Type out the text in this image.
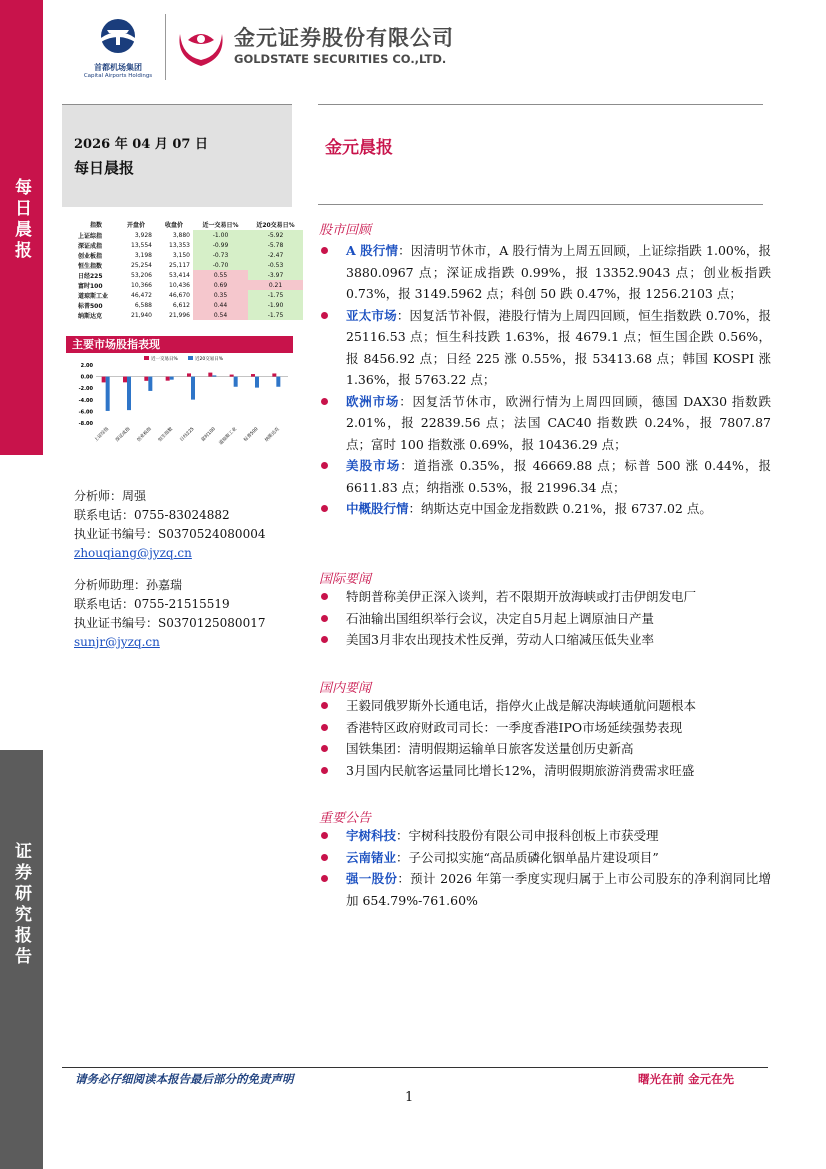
每日晨报
证券研究报告
首都机场集团
Capital Airports Holdings
金元证券股份有限公司
GOLDSTATE SECURITIES CO.,LTD.
2026 年 04 月 07 日
每日晨报
金元晨报
指数	开盘价	收盘价	近一交易日%	近20交易日%
上证综指	3,928	3,880	-1.00	-5.92
深证成指	13,554	13,353	-0.99	-5.78
创业板指	3,198	3,150	-0.73	-2.47
恒生指数	25,254	25,117	-0.70	-0.53
日经225	53,206	53,414	0.55	-3.97
富时100	10,366	10,436	0.69	0.21
道琼斯工业	46,472	46,670	0.35	-1.75
标普500	6,588	6,612	0.44	-1.90
纳斯达克	21,940	21,996	0.54	-1.75
主要市场股指表现
2.00
0.00
-2.00
-4.00
-6.00
-8.00
近一交易日%	近20交易日%
上证综指	深证成指	创业板指	恒生指数	日经225	富时100 道琼斯工业	标普500	纳斯达克
分析师：周强
联系电话：0755-83024882
执业证书编号：S0370524080004
zhouqiang@jyzq.cn
分析师助理：孙嘉瑞
联系电话：0755-21515519
执业证书编号：S0370125080017
sunjr@jyzq.cn
股市回顾
A 股行情：因清明节休市，A 股行情为上周五回顾，上证综指跌 1.00%，报 3880.0967 点；深证成指跌 0.99%，报 13352.9043 点；创业板指跌 0.73%，报 3149.5962 点；科创 50 跌 0.47%，报 1256.2103 点；
亚太市场：因复活节补假，港股行情为上周四回顾，恒生指数跌 0.70%，报 25116.53 点；恒生科技跌 1.63%，报 4679.1 点；恒生国企跌 0.56%，报 8456.92 点；日经 225 涨 0.55%，报 53413.68 点；韩国 KOSPI 涨 1.36%，报 5763.22 点；
欧洲市场：因复活节休市，欧洲行情为上周四回顾，德国 DAX30 指数跌 2.01%，报 22839.56 点；法国 CAC40 指数跌 0.24%，报 7807.87 点；富时 100 指数涨 0.69%，报 10436.29 点；
美股市场：道指涨 0.35%，报 46669.88 点；标普 500 涨 0.44%，报 6611.83 点；纳指涨 0.53%，报 21996.34 点；
中概股行情：纳斯达克中国金龙指数跌 0.21%，报 6737.02 点。
国际要闻
特朗普称美伊正深入谈判，若不限期开放海峡或打击伊朗发电厂
石油输出国组织举行会议，决定自5月起上调原油日产量
美国3月非农出现技术性反弹，劳动人口缩减压低失业率
国内要闻
王毅同俄罗斯外长通电话，指停火止战是解决海峡通航问题根本
香港特区政府财政司司长：一季度香港IPO市场延续强势表现
国铁集团：清明假期运输单日旅客发送量创历史新高
3月国内民航客运量同比增长12%，清明假期旅游消费需求旺盛
重要公告
宇树科技：宇树科技股份有限公司申报科创板上市获受理
云南锗业：子公司拟实施“高品质磷化铟单晶片建设项目”
强一股份：预计 2026 年第一季度实现归属于上市公司股东的净利润同比增加 654.79%-761.60%
请务必仔细阅读本报告最后部分的免责声明	曙光在前 金元在先
1
